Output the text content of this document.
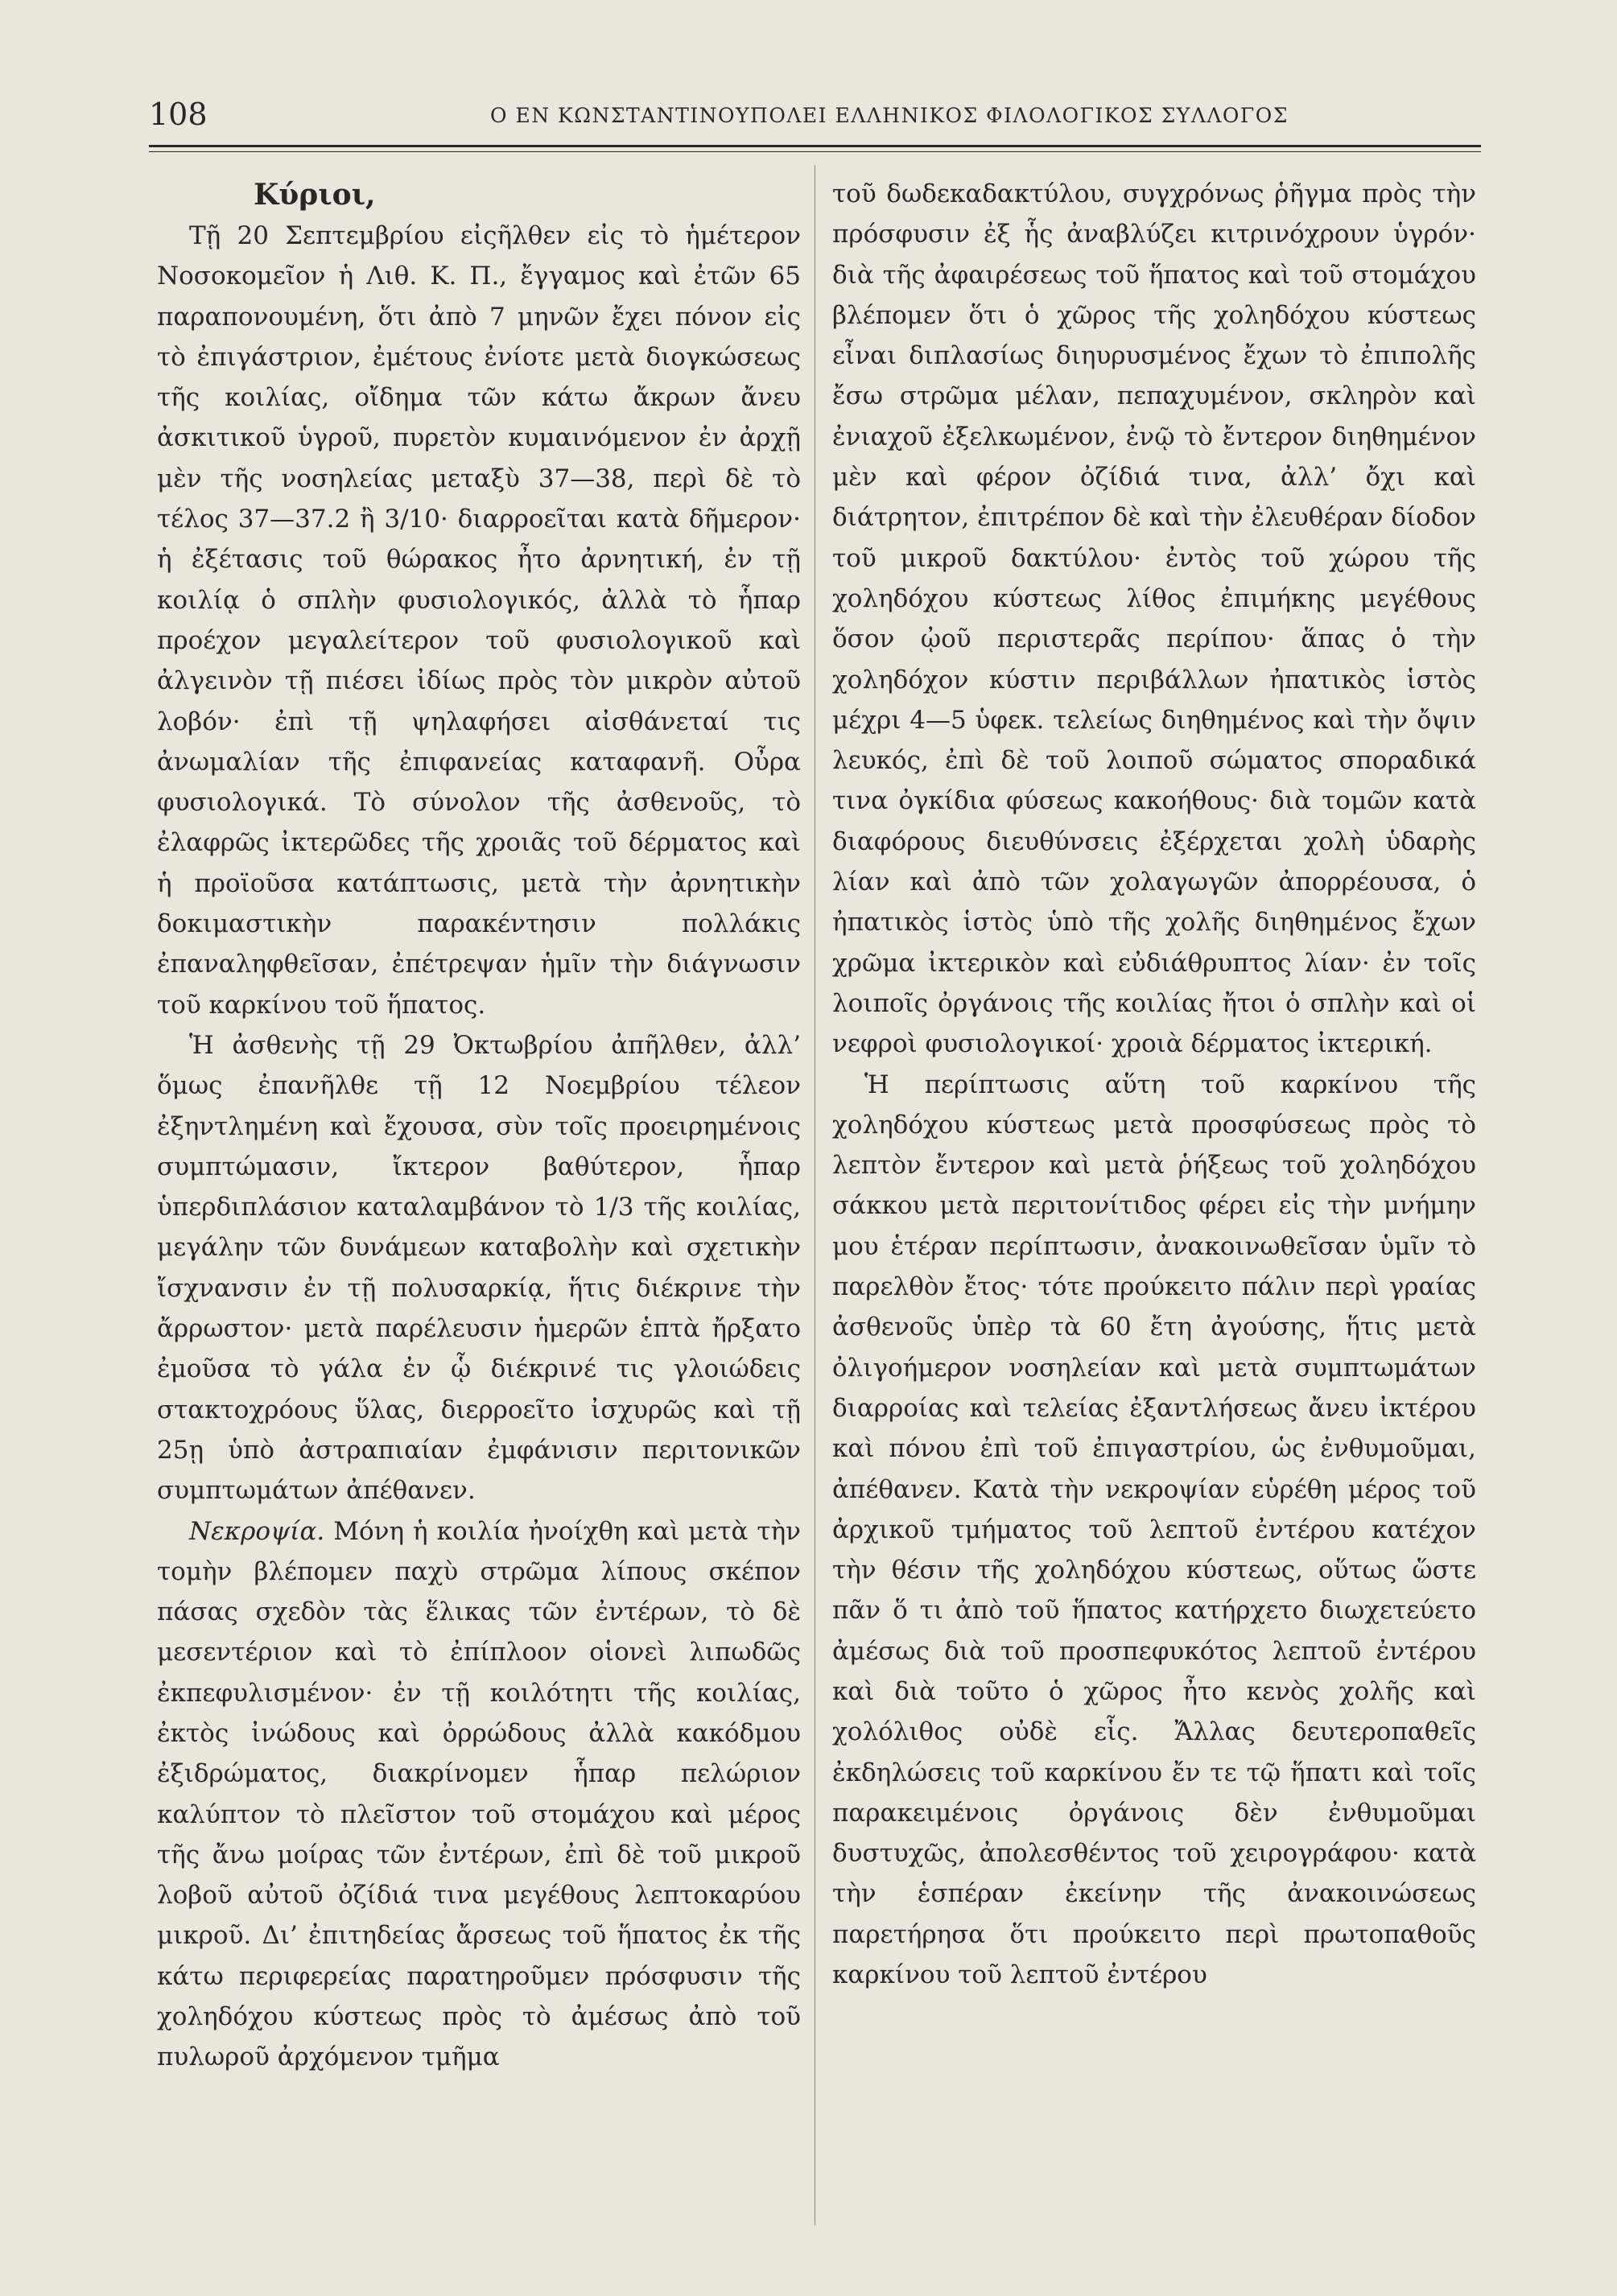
108	Ο ΕΝ ΚΩΝΣΤΑΝΤΙΝΟΥΠΟΛΕΙ ΕΛΛΗΝΙΚΟΣ ΦΙΛΟΛΟΓΙΚΟΣ ΣΥΛΛΟΓΟΣ
Κύριοι,

Τῇ 20 Σεπτεμβρίου εἰςῆλθεν εἰς τὸ ἡμέτερον Νοσοκομεῖον ἡ Λιθ. Κ. Π., ἔγγαμος καὶ ἐτῶν 65 παραπονουμένη, ὅτι ἀπὸ 7 μηνῶν ἔχει πόνον εἰς τὸ ἐπιγάστριον, ἐμέτους ἐνίοτε μετὰ διογκώσεως τῆς κοιλίας, οἴδημα τῶν κάτω ἄκρων ἄνευ ἀσκιτικοῦ ὑγροῦ, πυρετὸν κυμαινόμενον ἐν ἀρχῇ μὲν τῆς νοσηλείας μεταξὺ 37—38, περὶ δὲ τὸ τέλος 37—37.2 ἢ 3/10· διαρροεῖται κατὰ δῆμερον· ἡ ἐξέτασις τοῦ θώρακος ἦτο ἀρνητική, ἐν τῇ κοιλίᾳ ὁ σπλὴν φυσιολογικός, ἀλλὰ τὸ ἧπαρ προέχον μεγαλείτερον τοῦ φυσιολογικοῦ καὶ ἀλγεινὸν τῇ πιέσει ἰδίως πρὸς τὸν μικρὸν αὐτοῦ λοβόν· ἐπὶ τῇ ψηλαφήσει αἰσθάνεταί τις ἀνωμαλίαν τῆς ἐπιφανείας καταφανῆ. Οὖρα φυσιολογικά. Τὸ σύνολον τῆς ἀσθενοῦς, τὸ ἐλαφρῶς ἰκτερῶδες τῆς χροιᾶς τοῦ δέρματος καὶ ἡ προϊοῦσα κατάπτωσις, μετὰ τὴν ἀρνητικὴν δοκιμαστικὴν παρακέντησιν πολλάκις ἐπαναληφθεῖσαν, ἐπέτρεψαν ἡμῖν τὴν διάγνωσιν τοῦ καρκίνου τοῦ ἥπατος.

Ἡ ἀσθενὴς τῇ 29 Ὀκτωβρίου ἀπῆλθεν, ἀλλ’ ὅμως ἐπανῆλθε τῇ 12 Νοεμβρίου τέλεον ἐξηντλημένη καὶ ἔχουσα, σὺν τοῖς προειρημένοις συμπτώμασιν, ἴκτερον βαθύτερον, ἧπαρ ὑπερδιπλάσιον καταλαμβάνον τὸ 1/3 τῆς κοιλίας, μεγάλην τῶν δυνάμεων καταβολὴν καὶ σχετικὴν ἴσχνανσιν ἐν τῇ πολυσαρκίᾳ, ἥτις διέκρινε τὴν ἄρρωστον· μετὰ παρέλευσιν ἡμερῶν ἑπτὰ ἤρξατο ἐμοῦσα τὸ γάλα ἐν ᾧ διέκρινέ τις γλοιώδεις στακτοχρόους ὕλας, διερροεῖτο ἰσχυρῶς καὶ τῇ 25ῃ ὑπὸ ἀστραπιαίαν ἐμφάνισιν περιτονικῶν συμπτωμάτων ἀπέθανεν.

Νεκροψία. Μόνη ἡ κοιλία ἠνοίχθη καὶ μετὰ τὴν τομὴν βλέπομεν παχὺ στρῶμα λίπους σκέπον πάσας σχεδὸν τὰς ἕλικας τῶν ἐντέρων, τὸ δὲ μεσεντέριον καὶ τὸ ἐπίπλοον οἱονεὶ λιπωδῶς ἐκπεφυλισμένον· ἐν τῇ κοιλότητι τῆς κοιλίας, ἐκτὸς ἰνώδους καὶ ὀρρώδους ἀλλὰ κακόδμου ἐξιδρώματος, διακρίνομεν ἧπαρ πελώριον καλύπτον τὸ πλεῖστον τοῦ στομάχου καὶ μέρος τῆς ἄνω μοίρας τῶν ἐντέρων, ἐπὶ δὲ τοῦ μικροῦ λοβοῦ αὐτοῦ ὀζίδιά τινα μεγέθους λεπτοκαρύου μικροῦ. Δι’ ἐπιτηδείας ἄρσεως τοῦ ἥπατος ἐκ τῆς κάτω περιφερείας παρατηροῦμεν πρόσφυσιν τῆς χοληδόχου κύστεως πρὸς τὸ ἀμέσως ἀπὸ τοῦ πυλωροῦ ἀρχόμενον τμῆμα

τοῦ δωδεκαδακτύλου, συγχρόνως ῥῆγμα πρὸς τὴν πρόσφυσιν ἐξ ἧς ἀναβλύζει κιτρινόχρουν ὑγρόν· διὰ τῆς ἀφαιρέσεως τοῦ ἥπατος καὶ τοῦ στομάχου βλέπομεν ὅτι ὁ χῶρος τῆς χοληδόχου κύστεως εἶναι διπλασίως διηυρυσμένος ἔχων τὸ ἐπιπολῆς ἔσω στρῶμα μέλαν, πεπαχυμένον, σκληρὸν καὶ ἐνιαχοῦ ἐξελκωμένον, ἐνῷ τὸ ἔντερον διηθημένον μὲν καὶ φέρον ὀζίδιά τινα, ἀλλ’ ὄχι καὶ διάτρητον, ἐπιτρέπον δὲ καὶ τὴν ἐλευθέραν δίοδον τοῦ μικροῦ δακτύλου· ἐντὸς τοῦ χώρου τῆς χοληδόχου κύστεως λίθος ἐπιμήκης μεγέθους ὅσον ᾠοῦ περιστερᾶς περίπου· ἅπας ὁ τὴν χοληδόχον κύστιν περιβάλλων ἠπατικὸς ἱστὸς μέχρι 4—5 ὑφεκ. τελείως διηθημένος καὶ τὴν ὄψιν λευκός, ἐπὶ δὲ τοῦ λοιποῦ σώματος σποραδικά τινα ὀγκίδια φύσεως κακοήθους· διὰ τομῶν κατὰ διαφόρους διευθύνσεις ἐξέρχεται χολὴ ὑδαρὴς λίαν καὶ ἀπὸ τῶν χολαγωγῶν ἀπορρέουσα, ὁ ἠπατικὸς ἱστὸς ὑπὸ τῆς χολῆς διηθημένος ἔχων χρῶμα ἰκτερικὸν καὶ εὐδιάθρυπτος λίαν· ἐν τοῖς λοιποῖς ὀργάνοις τῆς κοιλίας ἤτοι ὁ σπλὴν καὶ οἱ νεφροὶ φυσιολογικοί· χροιὰ δέρματος ἰκτερική.

Ἡ περίπτωσις αὕτη τοῦ καρκίνου τῆς χοληδόχου κύστεως μετὰ προσφύσεως πρὸς τὸ λεπτὸν ἔντερον καὶ μετὰ ῥήξεως τοῦ χοληδόχου σάκκου μετὰ περιτονίτιδος φέρει εἰς τὴν μνήμην μου ἑτέραν περίπτωσιν, ἀνακοινωθεῖσαν ὑμῖν τὸ παρελθὸν ἔτος· τότε προύκειτο πάλιν περὶ γραίας ἀσθενοῦς ὑπὲρ τὰ 60 ἔτη ἀγούσης, ἥτις μετὰ ὀλιγοήμερον νοσηλείαν καὶ μετὰ συμπτωμάτων διαρροίας καὶ τελείας ἐξαντλήσεως ἄνευ ἰκτέρου καὶ πόνου ἐπὶ τοῦ ἐπιγαστρίου, ὡς ἐνθυμοῦμαι, ἀπέθανεν. Κατὰ τὴν νεκροψίαν εὑρέθη μέρος τοῦ ἀρχικοῦ τμήματος τοῦ λεπτοῦ ἐντέρου κατέχον τὴν θέσιν τῆς χοληδόχου κύστεως, οὕτως ὥστε πᾶν ὅ τι ἀπὸ τοῦ ἥπατος κατήρχετο διωχετεύετο ἀμέσως διὰ τοῦ προσπεφυκότος λεπτοῦ ἐντέρου καὶ διὰ τοῦτο ὁ χῶρος ἦτο κενὸς χολῆς καὶ χολόλιθος οὐδὲ εἷς. Ἄλλας δευτεροπαθεῖς ἐκδηλώσεις τοῦ καρκίνου ἔν τε τῷ ἥπατι καὶ τοῖς παρακειμένοις ὀργάνοις δὲν ἐνθυμοῦμαι δυστυχῶς, ἀπολεσθέντος τοῦ χειρογράφου· κατὰ τὴν ἑσπέραν ἐκείνην τῆς ἀνακοινώσεως παρετήρησα ὅτι προύκειτο περὶ πρωτοπαθοῦς καρκίνου τοῦ λεπτοῦ ἐντέρου
